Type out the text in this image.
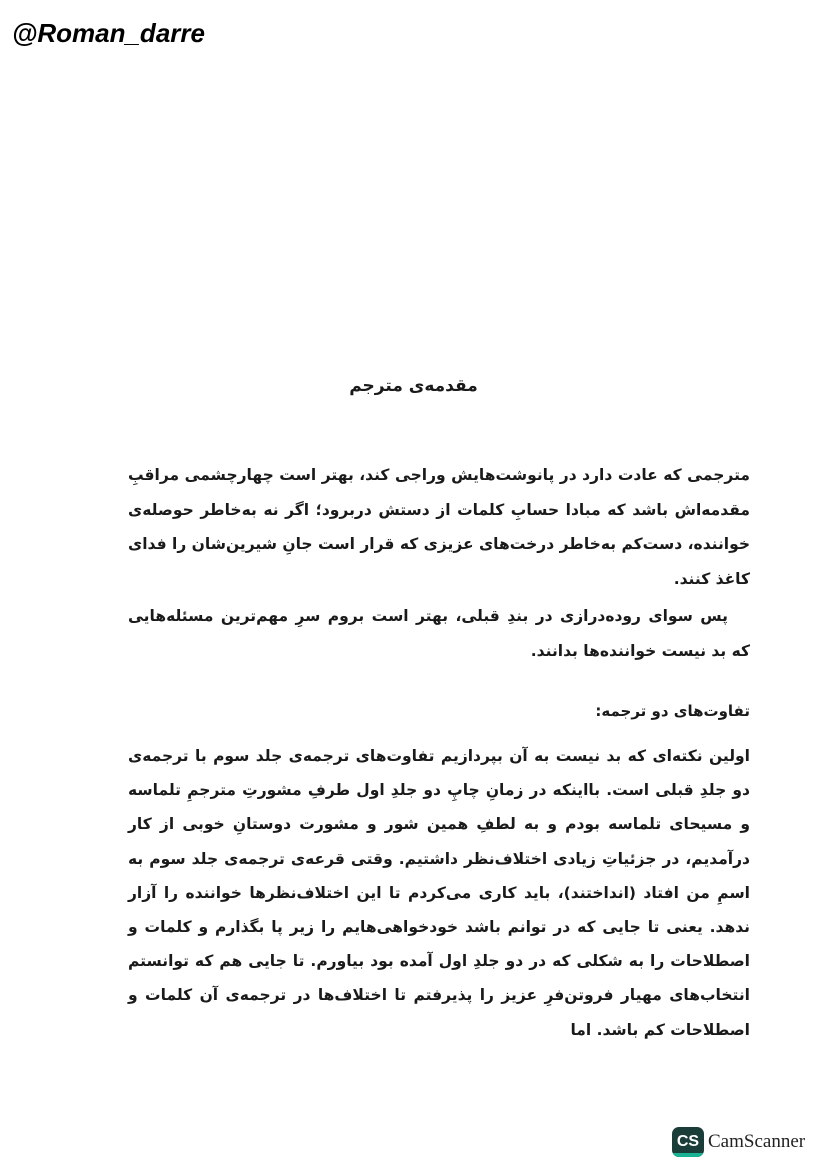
@Roman_darre
مقدمه‌ی مترجم

مترجمی که عادت دارد در پانوشت‌هایش وراجی کند، بهتر است چهارچشمی مراقبِ مقدمه‌اش باشد که مبادا حسابِ کلمات از دستش دربرود؛ اگر نه به‌خاطر حوصله‌ی خواننده، دست‌کم به‌خاطر درخت‌های عزیزی که قرار است جانِ شیرین‌شان را فدای کاغذ کنند.

پس سوای روده‌درازی در بندِ قبلی، بهتر است بروم سرِ مهم‌ترین مسئله‌هایی که بد نیست خواننده‌ها بدانند.

تفاوت‌های دو ترجمه:

اولین نکته‌ای که بد نیست به آن بپردازیم تفاوت‌های ترجمه‌ی جلد سوم با ترجمه‌ی دو جلدِ قبلی است. بااینکه در زمانِ چاپِ دو جلدِ اول طرفِ مشورتِ مترجمِ تلماسه و مسیحای تلماسه بودم و به لطفِ همین شور و مشورت دوستانِ خوبی از کار درآمدیم، در جزئیاتِ زیادی اختلاف‌نظر داشتیم. وقتی قرعه‌ی ترجمه‌ی جلد سوم به اسمِ من افتاد (انداختند)، باید کاری می‌کردم تا این اختلاف‌نظرها خواننده را آزار ندهد. یعنی تا جایی که در توانم باشد خودخواهی‌هایم را زیر پا بگذارم و کلمات و اصطلاحات را به شکلی که در دو جلدِ اول آمده بود بیاورم. تا جایی هم که توانستم انتخاب‌های مهیار فروتن‌فرِ عزیز را پذیرفتم تا اختلاف‌ها در ترجمه‌ی آن کلمات و اصطلاحات کم باشد. اما

CS CamScanner
